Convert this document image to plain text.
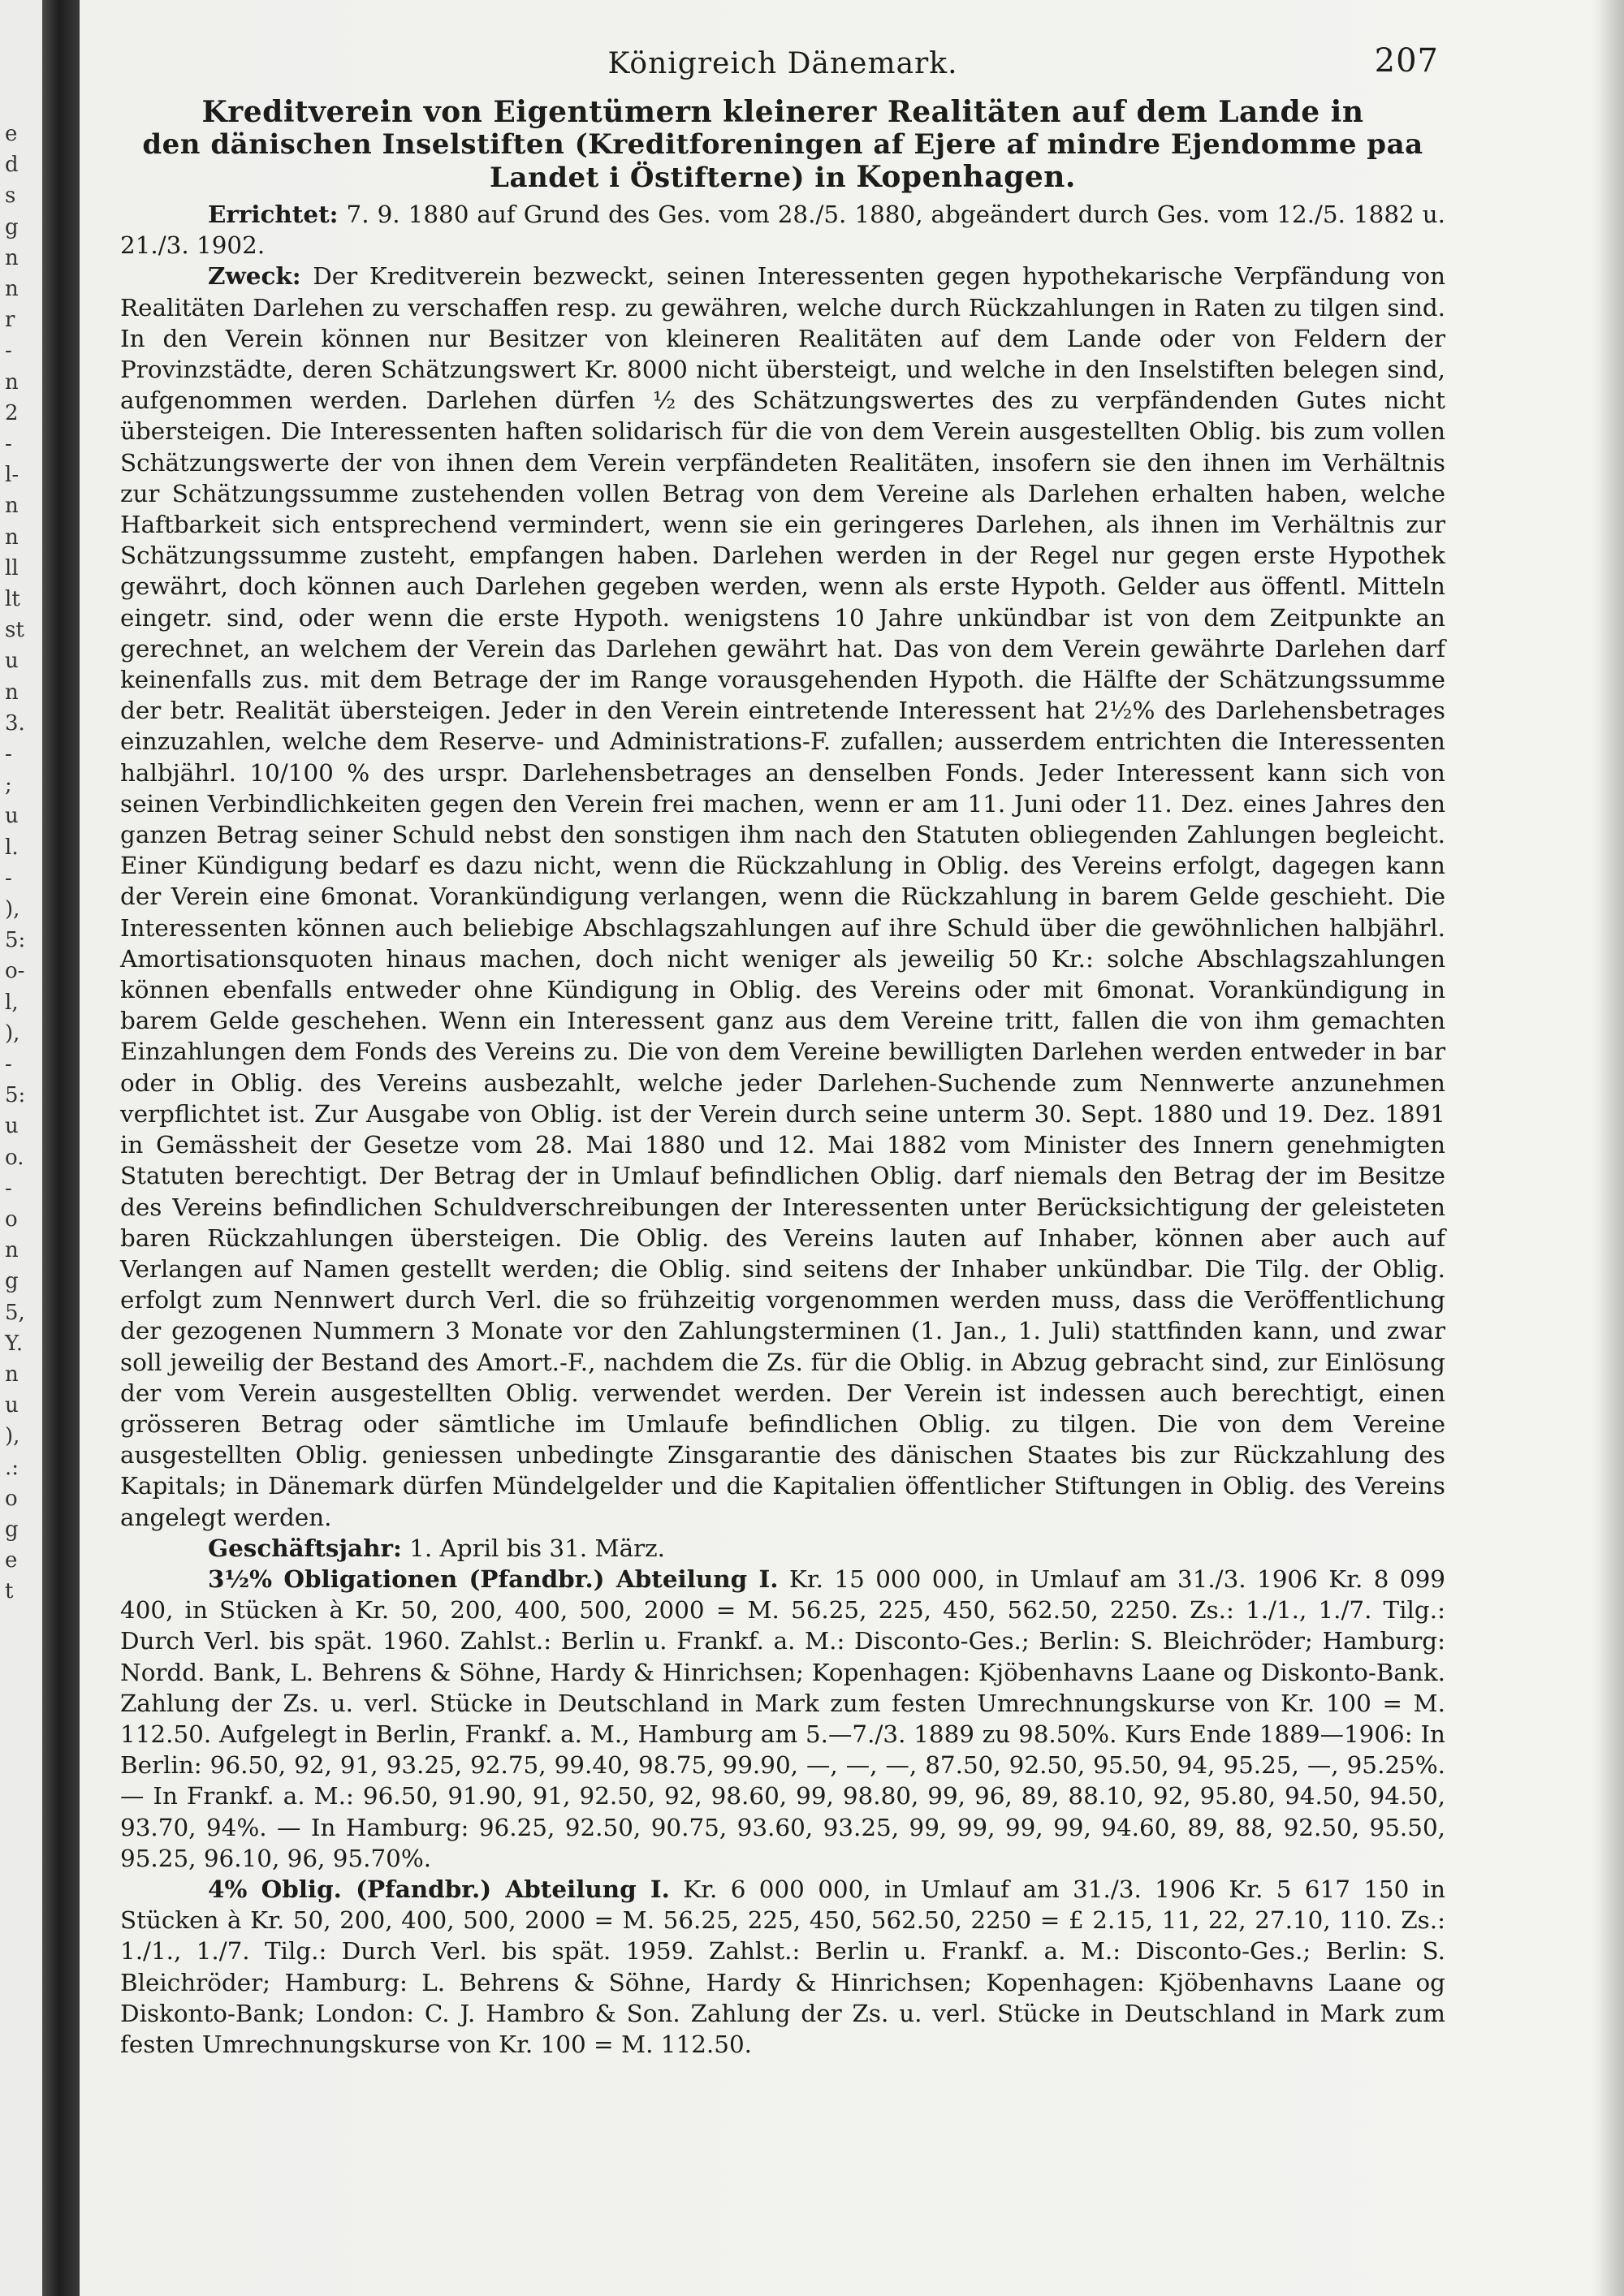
e
d
s
g
n
n
r
-
n
2
-
l-
n
n
ll
lt
st
u
n
3.
-
;
u
l.
-
),
5:
o-
l,
),
-
5:
u
o.
-
o
n
g
5,
Y.
n
u
),
.:
o
g
e
t
Königreich Dänemark.	207
Kreditverein von Eigentümern kleinerer Realitäten auf dem Lande in
den dänischen Inselstiften (Kreditforeningen af Ejere af mindre Ejendomme paa
Landet i Östifterne) in Kopenhagen.

Errichtet: 7. 9. 1880 auf Grund des Ges. vom 28./5. 1880, abgeändert durch Ges. vom 12./5. 1882 u. 21./3. 1902.

Zweck: Der Kreditverein bezweckt, seinen Interessenten gegen hypothekarische Verpfändung von Realitäten Darlehen zu verschaffen resp. zu gewähren, welche durch Rückzahlungen in Raten zu tilgen sind. In den Verein können nur Besitzer von kleineren Realitäten auf dem Lande oder von Feldern der Provinzstädte, deren Schätzungswert Kr. 8000 nicht übersteigt, und welche in den Inselstiften belegen sind, aufgenommen werden. Darlehen dürfen ½ des Schätzungswertes des zu verpfändenden Gutes nicht übersteigen. Die Interessenten haften solidarisch für die von dem Verein ausgestellten Oblig. bis zum vollen Schätzungswerte der von ihnen dem Verein verpfändeten Realitäten, insofern sie den ihnen im Verhältnis zur Schätzungssumme zustehenden vollen Betrag von dem Vereine als Darlehen erhalten haben, welche Haftbarkeit sich entsprechend vermindert, wenn sie ein geringeres Darlehen, als ihnen im Verhältnis zur Schätzungssumme zusteht, empfangen haben. Darlehen werden in der Regel nur gegen erste Hypothek gewährt, doch können auch Darlehen gegeben werden, wenn als erste Hypoth. Gelder aus öffentl. Mitteln eingetr. sind, oder wenn die erste Hypoth. wenigstens 10 Jahre unkündbar ist von dem Zeitpunkte an gerechnet, an welchem der Verein das Darlehen gewährt hat. Das von dem Verein gewährte Darlehen darf keinenfalls zus. mit dem Betrage der im Range vorausgehenden Hypoth. die Hälfte der Schätzungssumme der betr. Realität übersteigen. Jeder in den Verein eintretende Interessent hat 2½% des Darlehensbetrages einzuzahlen, welche dem Reserve- und Administrations-F. zufallen; ausserdem entrichten die Interessenten halbjährl. 10/100 % des urspr. Darlehensbetrages an denselben Fonds. Jeder Interessent kann sich von seinen Verbindlichkeiten gegen den Verein frei machen, wenn er am 11. Juni oder 11. Dez. eines Jahres den ganzen Betrag seiner Schuld nebst den sonstigen ihm nach den Statuten obliegenden Zahlungen begleicht. Einer Kündigung bedarf es dazu nicht, wenn die Rückzahlung in Oblig. des Vereins erfolgt, dagegen kann der Verein eine 6monat. Vorankündigung verlangen, wenn die Rückzahlung in barem Gelde geschieht. Die Interessenten können auch beliebige Abschlagszahlungen auf ihre Schuld über die gewöhnlichen halbjährl. Amortisationsquoten hinaus machen, doch nicht weniger als jeweilig 50 Kr.: solche Abschlagszahlungen können ebenfalls entweder ohne Kündigung in Oblig. des Vereins oder mit 6monat. Vorankündigung in barem Gelde geschehen. Wenn ein Interessent ganz aus dem Vereine tritt, fallen die von ihm gemachten Einzahlungen dem Fonds des Vereins zu. Die von dem Vereine bewilligten Darlehen werden entweder in bar oder in Oblig. des Vereins ausbezahlt, welche jeder Darlehen-Suchende zum Nennwerte anzunehmen verpflichtet ist. Zur Ausgabe von Oblig. ist der Verein durch seine unterm 30. Sept. 1880 und 19. Dez. 1891 in Gemässheit der Gesetze vom 28. Mai 1880 und 12. Mai 1882 vom Minister des Innern genehmigten Statuten berechtigt. Der Betrag der in Umlauf befindlichen Oblig. darf niemals den Betrag der im Besitze des Vereins befindlichen Schuldverschreibungen der Interessenten unter Berücksichtigung der geleisteten baren Rückzahlungen übersteigen. Die Oblig. des Vereins lauten auf Inhaber, können aber auch auf Verlangen auf Namen gestellt werden; die Oblig. sind seitens der Inhaber unkündbar. Die Tilg. der Oblig. erfolgt zum Nennwert durch Verl. die so frühzeitig vorgenommen werden muss, dass die Veröffentlichung der gezogenen Nummern 3 Monate vor den Zahlungsterminen (1. Jan., 1. Juli) stattfinden kann, und zwar soll jeweilig der Bestand des Amort.-F., nachdem die Zs. für die Oblig. in Abzug gebracht sind, zur Einlösung der vom Verein ausgestellten Oblig. verwendet werden. Der Verein ist indessen auch berechtigt, einen grösseren Betrag oder sämtliche im Umlaufe befindlichen Oblig. zu tilgen. Die von dem Vereine ausgestellten Oblig. geniessen unbedingte Zinsgarantie des dänischen Staates bis zur Rückzahlung des Kapitals; in Dänemark dürfen Mündelgelder und die Kapitalien öffentlicher Stiftungen in Oblig. des Vereins angelegt werden.

Geschäftsjahr: 1. April bis 31. März.

3½% Obligationen (Pfandbr.) Abteilung I. Kr. 15 000 000, in Umlauf am 31./3. 1906 Kr. 8 099 400, in Stücken à Kr. 50, 200, 400, 500, 2000 = M. 56.25, 225, 450, 562.50, 2250. Zs.: 1./1., 1./7. Tilg.: Durch Verl. bis spät. 1960. Zahlst.: Berlin u. Frankf. a. M.: Disconto-Ges.; Berlin: S. Bleichröder; Hamburg: Nordd. Bank, L. Behrens & Söhne, Hardy & Hinrichsen; Kopenhagen: Kjöbenhavns Laane og Diskonto-Bank. Zahlung der Zs. u. verl. Stücke in Deutschland in Mark zum festen Umrechnungskurse von Kr. 100 = M. 112.50. Aufgelegt in Berlin, Frankf. a. M., Hamburg am 5.—7./3. 1889 zu 98.50%. Kurs Ende 1889—1906: In Berlin: 96.50, 92, 91, 93.25, 92.75, 99.40, 98.75, 99.90, —, —, —, 87.50, 92.50, 95.50, 94, 95.25, —, 95.25%. — In Frankf. a. M.: 96.50, 91.90, 91, 92.50, 92, 98.60, 99, 98.80, 99, 96, 89, 88.10, 92, 95.80, 94.50, 94.50, 93.70, 94%. — In Hamburg: 96.25, 92.50, 90.75, 93.60, 93.25, 99, 99, 99, 99, 94.60, 89, 88, 92.50, 95.50, 95.25, 96.10, 96, 95.70%.

4% Oblig. (Pfandbr.) Abteilung I. Kr. 6 000 000, in Umlauf am 31./3. 1906 Kr. 5 617 150 in Stücken à Kr. 50, 200, 400, 500, 2000 = M. 56.25, 225, 450, 562.50, 2250 = £ 2.15, 11, 22, 27.10, 110. Zs.: 1./1., 1./7. Tilg.: Durch Verl. bis spät. 1959. Zahlst.: Berlin u. Frankf. a. M.: Disconto-Ges.; Berlin: S. Bleichröder; Hamburg: L. Behrens & Söhne, Hardy & Hinrichsen; Kopenhagen: Kjöbenhavns Laane og Diskonto-Bank; London: C. J. Hambro & Son. Zahlung der Zs. u. verl. Stücke in Deutschland in Mark zum festen Umrechnungskurse von Kr. 100 = M. 112.50.
